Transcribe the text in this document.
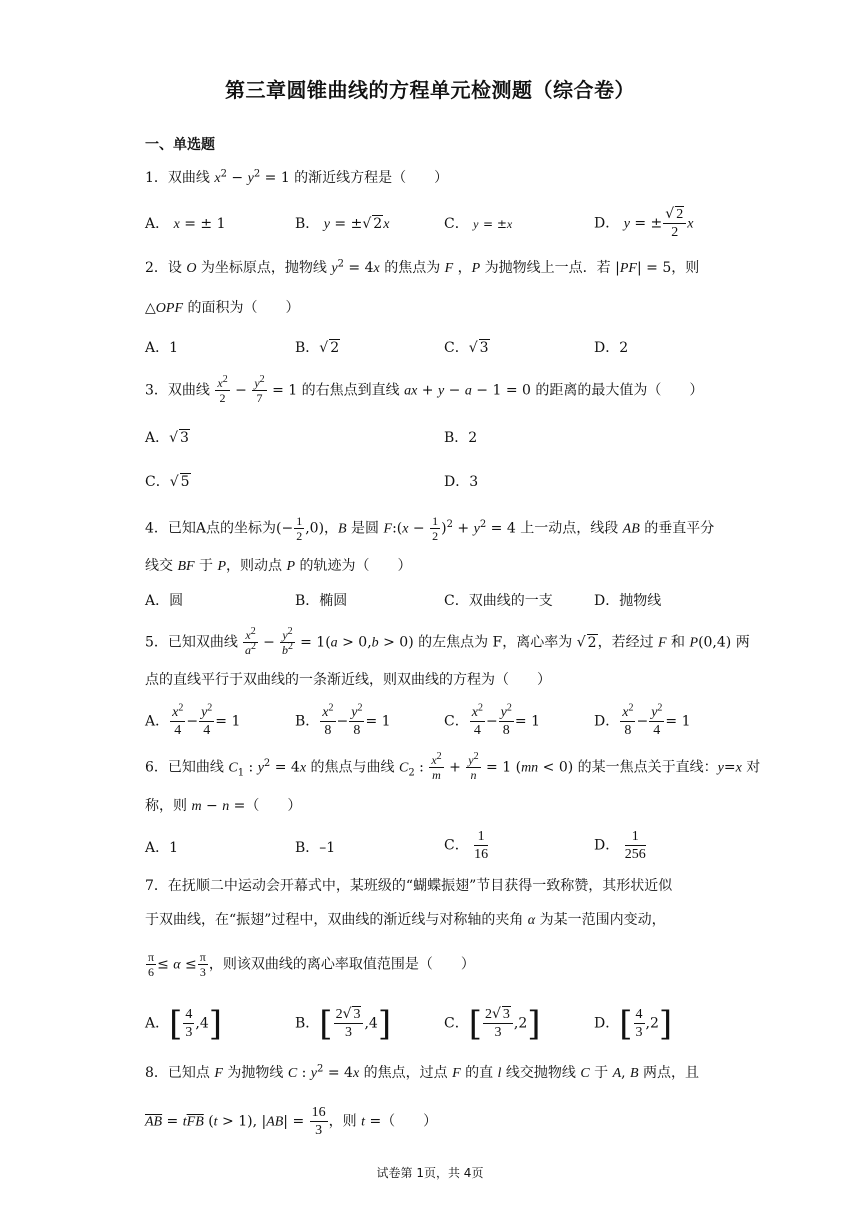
第三章圆锥曲线的方程单元检测题（综合卷）
一、单选题
1．双曲线 $x^2 - y^2 = 1$ 的渐近线方程是（　　）
A． x = ± 1	B． y = ±√ 2x	C． y = ±x	D． y = ± $\frac{√ 2}{2}$ x
2．设 O 为坐标原点，抛物线 $y^2 = 4x$ 的焦点为 F ，P 为抛物线上一点．若 |PF| = 5，则
△OPF 的面积为（　　）
A．1	B．√ 2	C．√ 3	D．2
3．双曲线 $\frac{x^2}{2} - \frac{y^2}{7} = 1$ 的右焦点到直线 ax + y − a − 1 = 0 的距离的最大值为（　　）
A．√ 3	B．2
C．√ 5	D．3
4．已知A点的坐标为(− $\frac{1}{2} ,0$)，B 是圆 F:(x − $\frac{1}{2} )^2 + y^2 = 4$ 上一动点，线段 AB 的垂直平分
线交 BF 于 P，则动点 P 的轨迹为（　　）
A．圆	B．椭圆	C．双曲线的一支	D．抛物线
5．已知双曲线 $\frac{x^2}{a^2} - \frac{y^2}{b^2} = 1(a > 0,b > 0)$ 的左焦点为 F，离心率为 √ 2，若经过 F 和 P(0,4) 两
点的直线平行于双曲线的一条渐近线，则双曲线的方程为（　　）
A． $\frac{x^2}{4} - \frac{y^2}{4} = 1$	B． $\frac{x^2}{8} - \frac{y^2}{8} = 1$	C． $\frac{x^2}{4} - \frac{y^2}{8} = 1$	D． $\frac{x^2}{8} - \frac{y^2}{4} = 1$
6．已知曲线 $C_1$ : $y^2 = 4x$ 的焦点与曲线 $C_2$ : $\frac{x^2}{m} + \frac{y^2}{n} = 1$ (mn < 0) 的某一焦点关于直线：y=x 对
称，则 m − n =（　　）
A．1	B．–1	C． $\frac{1}{16}$	D． $\frac{1}{256}$
7．在抚顺二中运动会开幕式中，某班级的“蝴蝶振翅”节目获得一致称赞，其形状近似
于双曲线，在“振翅”过程中，双曲线的渐近线与对称轴的夹角 α 为某一范围内变动，
$\frac{\pi}{6} \le \alpha \le \frac{\pi}{3}$ ，则该双曲线的离心率取值范围是（　　）
A．[ $\frac{4}{3} ,4$]	B．[ $\frac{2√ 3}{3} ,4$]	C．[ $\frac{2√ 3}{3} ,2$]	D．[ $\frac{4}{3} ,2$]
8．已知点 F 为抛物线 C : $y^2 = 4x$ 的焦点，过点 F 的直 l 线交抛物线 C 于 A, B 两点，且
$\overline{AB} = t\overline{FB}$ (t > 1), $|AB| = \frac{16}{3}$ ，则 t =（　　）
试卷第 1页，共 4页
